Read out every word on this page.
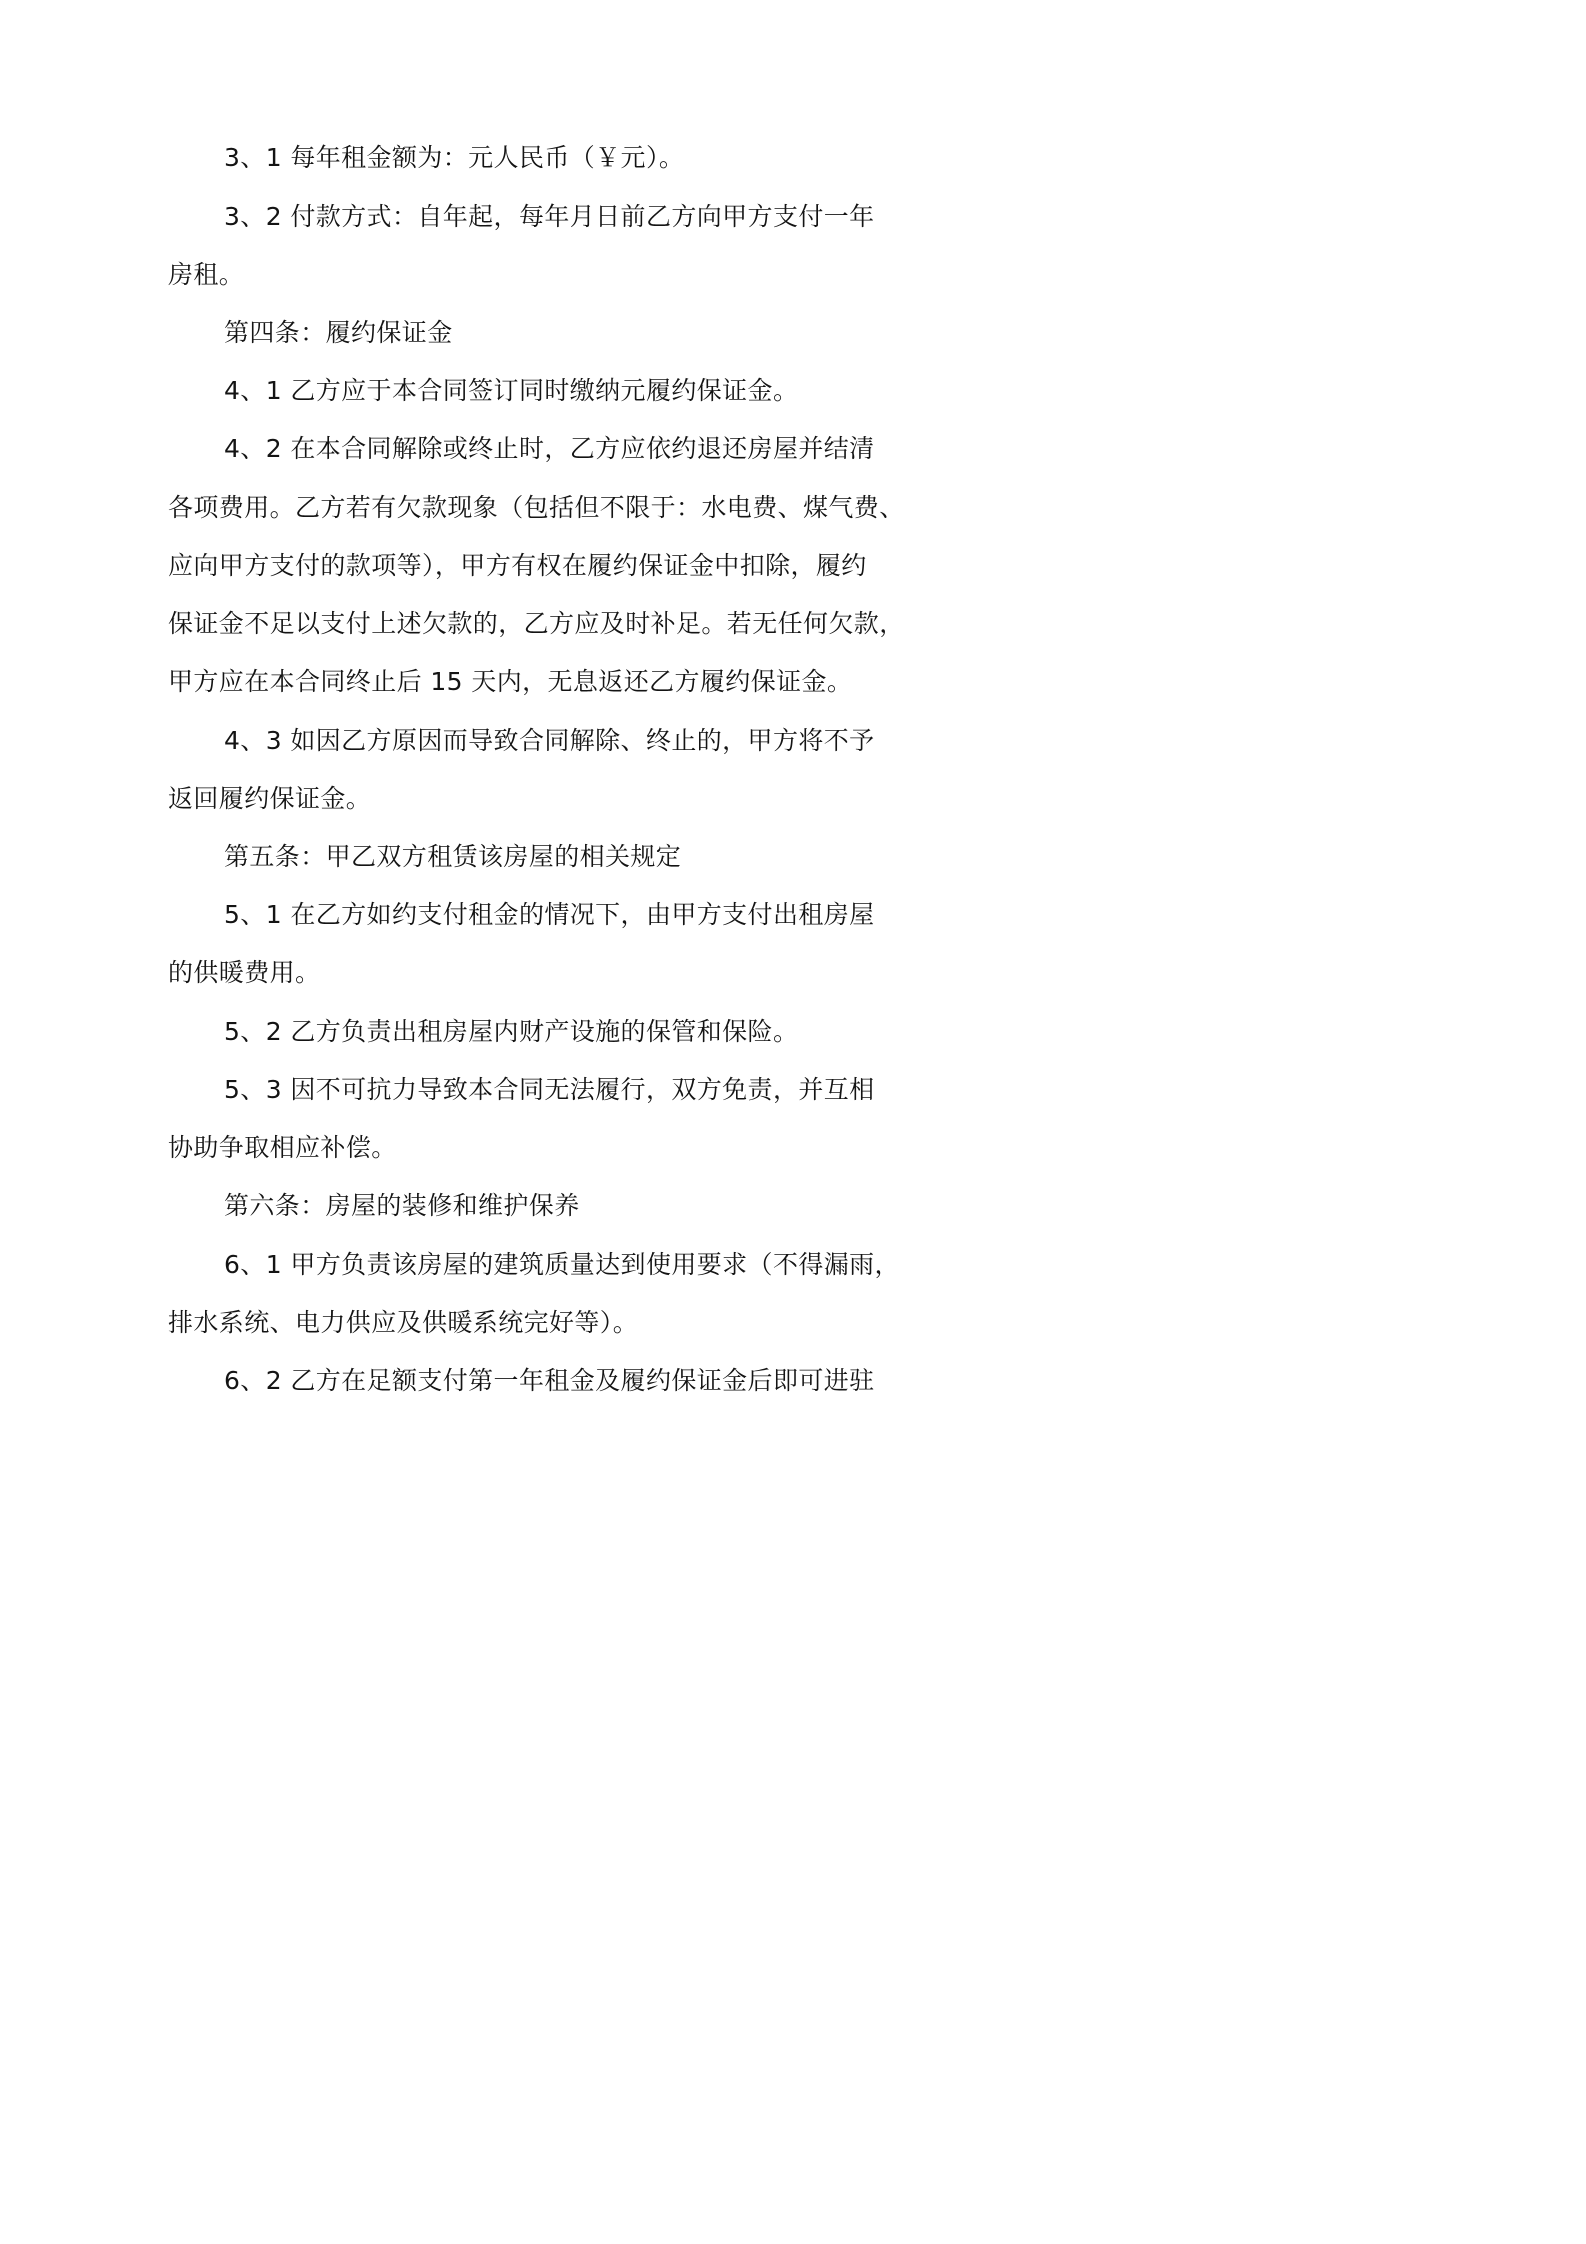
3、1 每年租金额为：元人民币（￥元）。
3、2 付款方式：自年起，每年月日前乙方向甲方支付一年
房租。
第四条：履约保证金
4、1 乙方应于本合同签订同时缴纳元履约保证金。
4、2 在本合同解除或终止时，乙方应依约退还房屋并结清
各项费用。乙方若有欠款现象（包括但不限于：水电费、煤气费、
应向甲方支付的款项等），甲方有权在履约保证金中扣除，履约
保证金不足以支付上述欠款的，乙方应及时补足。若无任何欠款，
甲方应在本合同终止后 15 天内，无息返还乙方履约保证金。
4、3 如因乙方原因而导致合同解除、终止的，甲方将不予
返回履约保证金。
第五条：甲乙双方租赁该房屋的相关规定
5、1 在乙方如约支付租金的情况下，由甲方支付出租房屋
的供暖费用。
5、2 乙方负责出租房屋内财产设施的保管和保险。
5、3 因不可抗力导致本合同无法履行，双方免责，并互相
协助争取相应补偿。
第六条：房屋的装修和维护保养
6、1 甲方负责该房屋的建筑质量达到使用要求（不得漏雨，
排水系统、电力供应及供暖系统完好等）。
6、2 乙方在足额支付第一年租金及履约保证金后即可进驻
